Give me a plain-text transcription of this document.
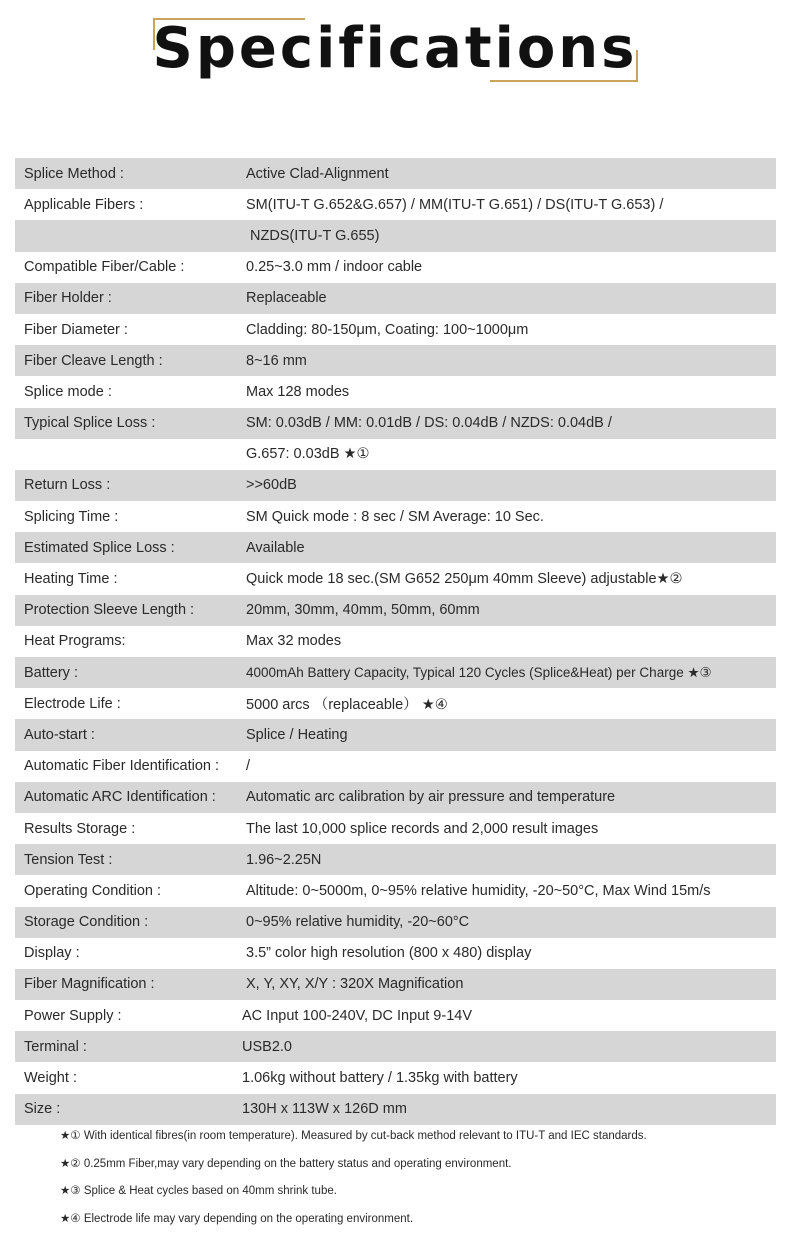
Specifications
Splice Method :	Active Clad-Alignment
Applicable Fibers :	SM(ITU-T G.652&G.657) / MM(ITU-T G.651) / DS(ITU-T G.653) /
NZDS(ITU-T G.655)
Compatible Fiber/Cable :	0.25~3.0 mm / indoor cable
Fiber Holder :	Replaceable
Fiber Diameter :	Cladding: 80-150μm, Coating: 100~1000μm
Fiber Cleave Length :	8~16 mm
Splice mode :	Max 128 modes
Typical Splice Loss :	SM: 0.03dB / MM: 0.01dB / DS: 0.04dB / NZDS: 0.04dB /
G.657: 0.03dB ★①
Return Loss :	>>60dB
Splicing Time :	SM Quick mode : 8 sec / SM Average: 10 Sec.
Estimated Splice Loss :	Available
Heating Time :	Quick mode 18 sec.(SM G652 250μm 40mm Sleeve) adjustable★②
Protection Sleeve Length :	20mm, 30mm, 40mm, 50mm, 60mm
Heat Programs:	Max 32 modes
Battery :	4000mAh Battery Capacity, Typical 120 Cycles (Splice&Heat) per Charge ★③
Electrode Life :	5000 arcs （replaceable） ★④
Auto-start :	Splice / Heating
Automatic Fiber Identification :	/
Automatic ARC Identification :	Automatic arc calibration by air pressure and temperature
Results Storage :	The last 10,000 splice records and 2,000 result images
Tension Test :	1.96~2.25N
Operating Condition :	Altitude: 0~5000m, 0~95% relative humidity, -20~50°C, Max Wind 15m/s
Storage Condition :	0~95% relative humidity, -20~60°C
Display :	3.5” color high resolution (800 x 480) display
Fiber Magnification :	X, Y, XY, X/Y : 320X Magnification
Power Supply :	AC Input 100-240V, DC Input 9-14V
Terminal :	USB2.0
Weight :	1.06kg without battery / 1.35kg with battery
Size :	130H x 113W x 126D mm
★① With identical fibres(in room temperature). Measured by cut-back method relevant to ITU-T and IEC standards.
★② 0.25mm Fiber,may vary depending on the battery status and operating environment.
★③ Splice & Heat cycles based on 40mm shrink tube.
★④ Electrode life may vary depending on the operating environment.
